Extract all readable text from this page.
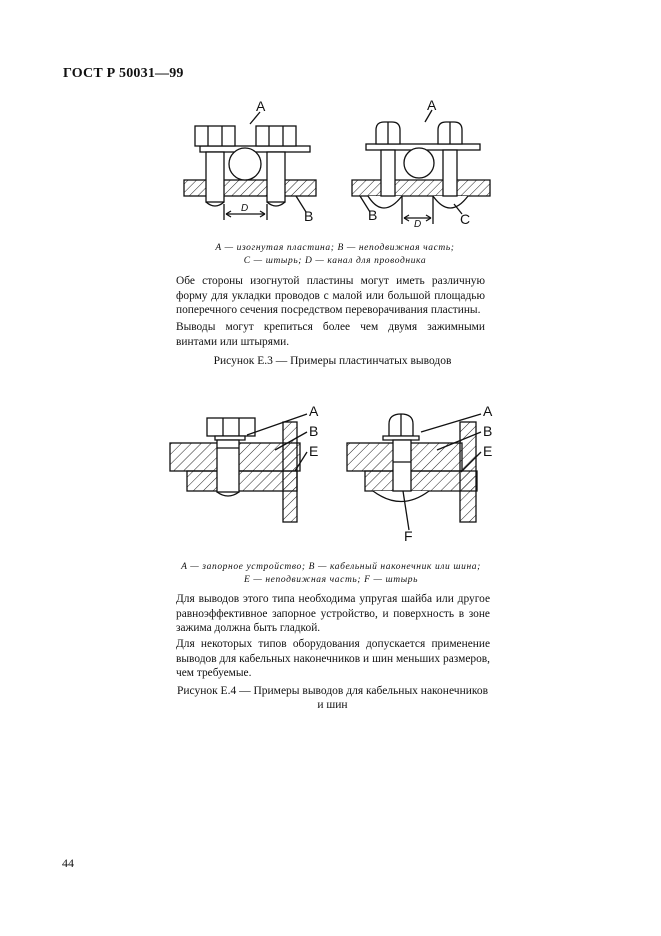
ГОСТ Р 50031—99
A
B
D
A
B	C
D
A — изогнутая пластина; B — неподвижная часть;
C — штырь; D — канал для проводника
Обе стороны изогнутой пластины могут иметь различную форму для укладки проводов с малой или большой площадью поперечного сечения посредством переворачивания пластины.
Выводы могут крепиться более чем двумя зажимными винтами или штырями.
Рисунок Е.3 — Примеры пластинчатых выводов
A
B
E
A
B
E
F
A — запорное устройство; B — кабельный наконечник или шина;
E — неподвижная часть; F — штырь
Для выводов этого типа необходима упругая шайба или другое равноэффективное запорное устройство, и поверхность в зоне зажима должна быть гладкой.
Для некоторых типов оборудования допускается применение выводов для кабельных наконечников и шин меньших размеров, чем требуемые.
Рисунок Е.4 — Примеры выводов для кабельных наконечников
и шин
44
